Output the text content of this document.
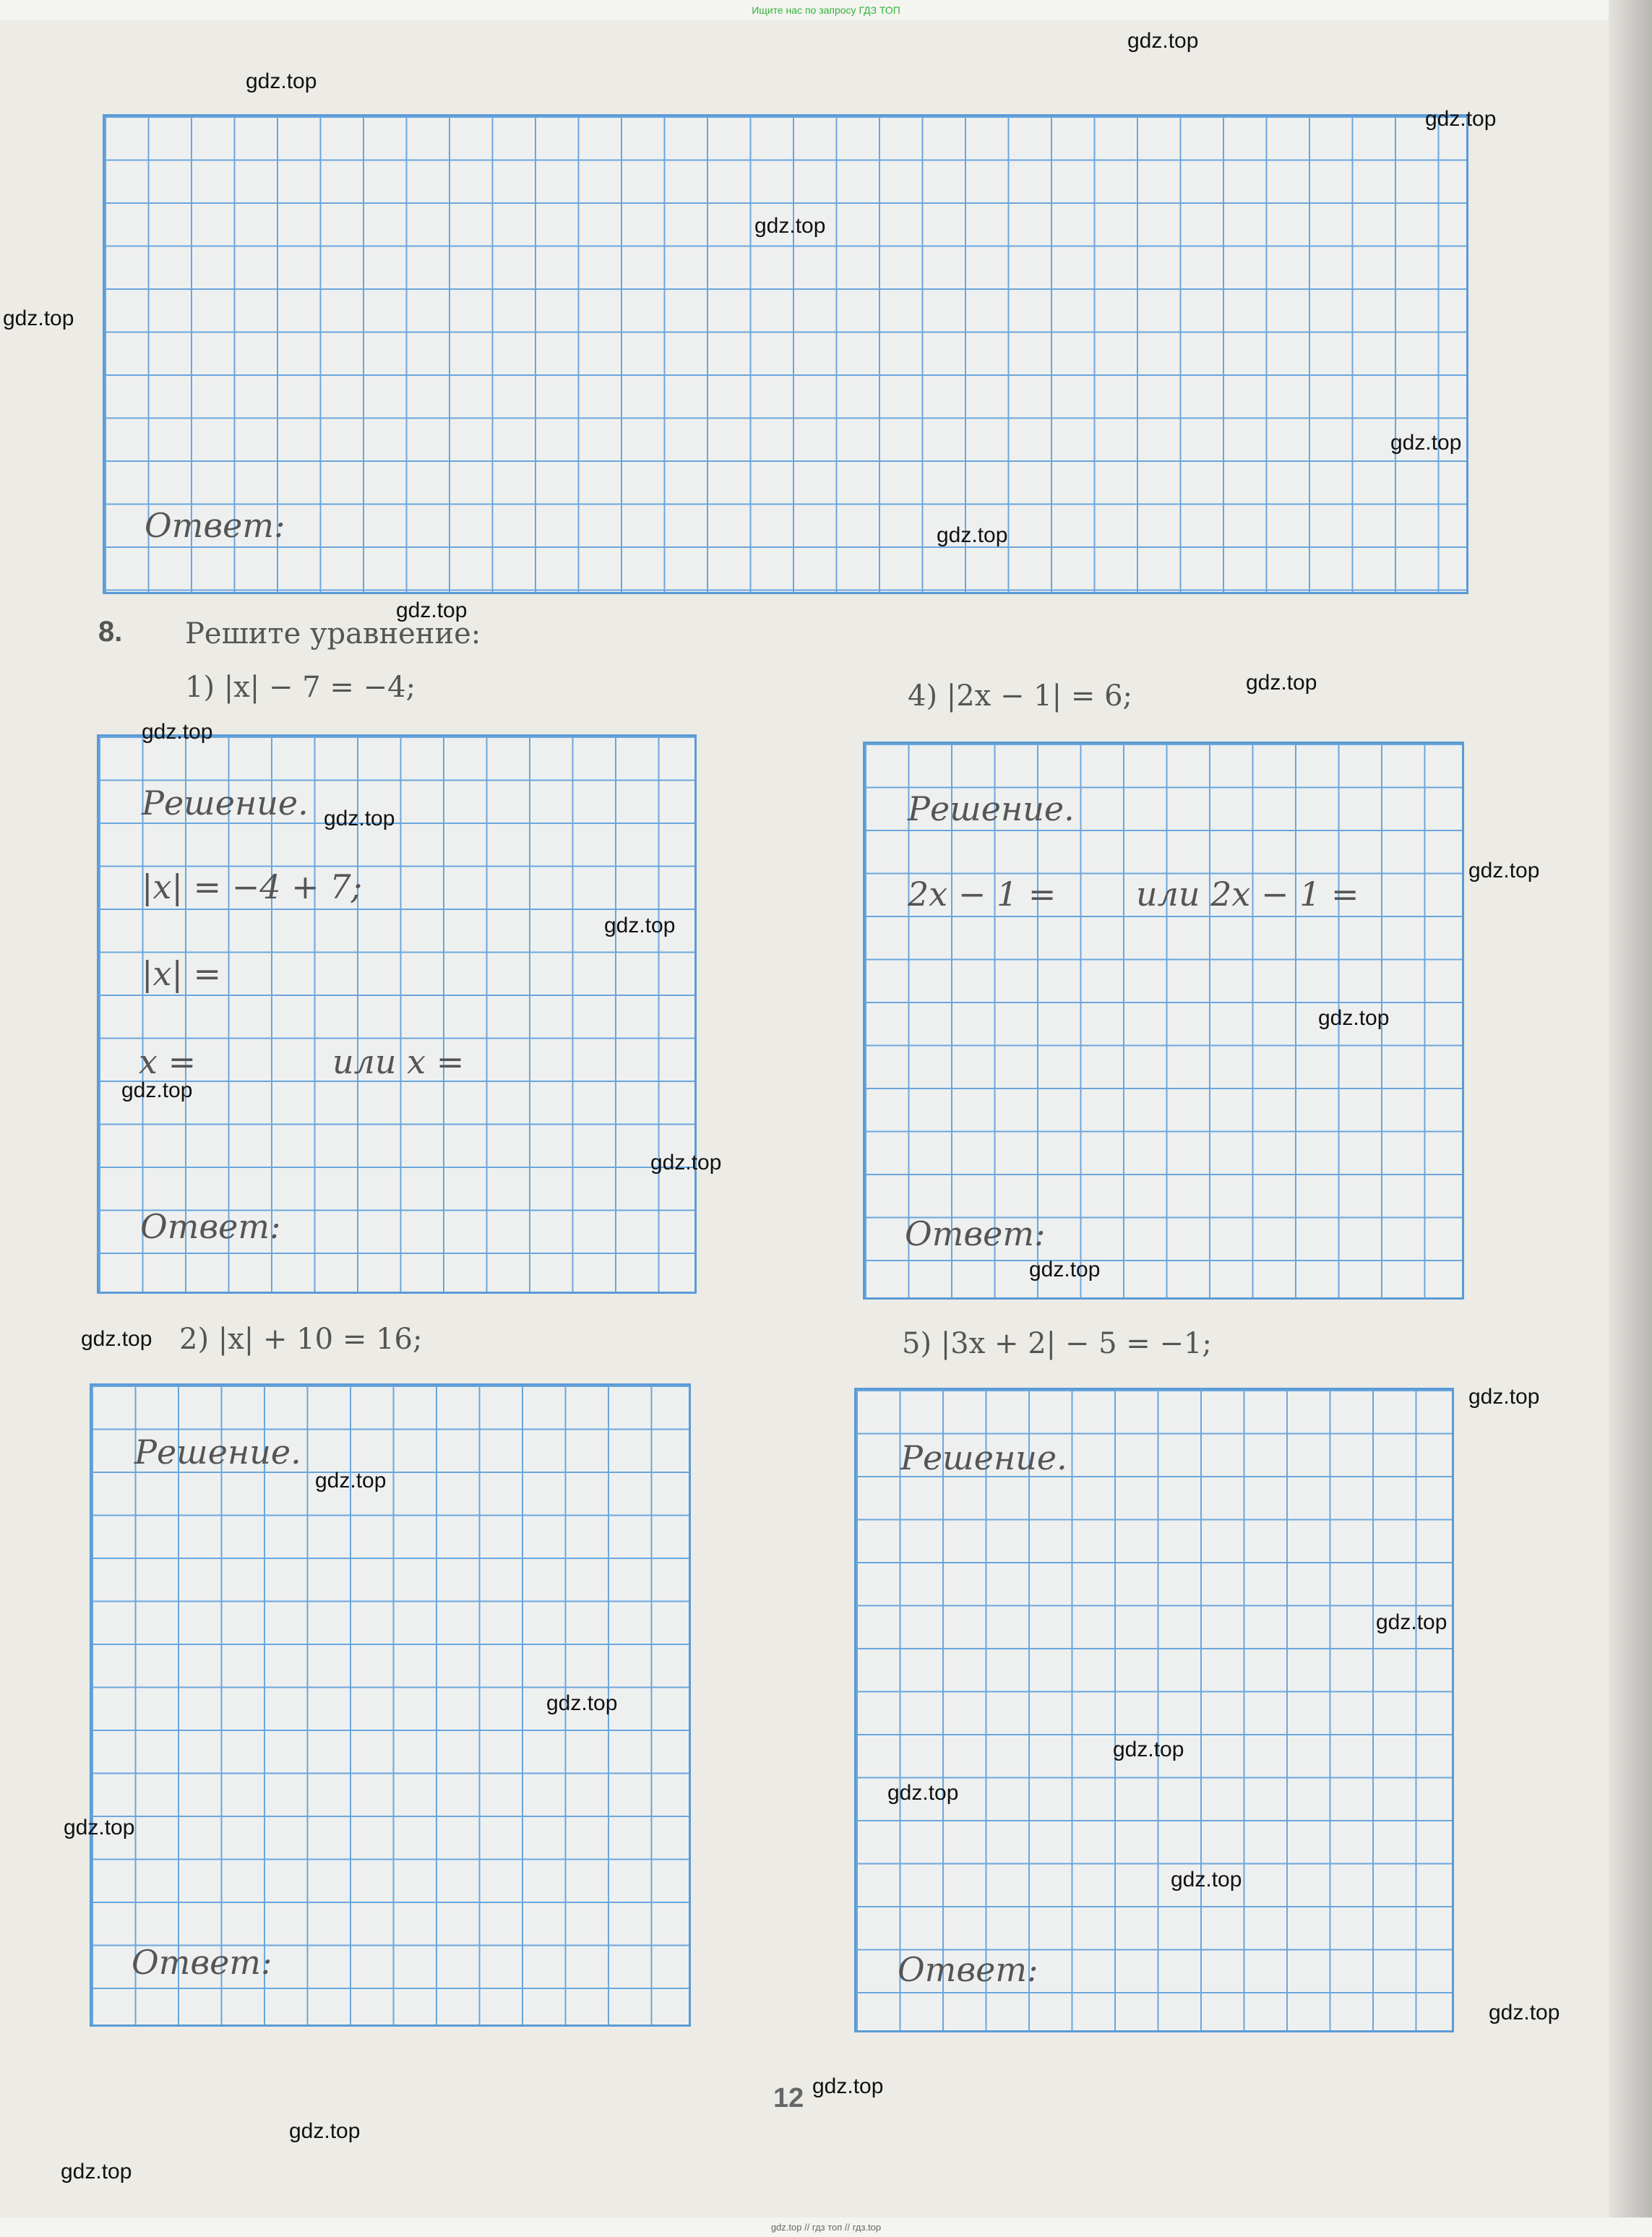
Ищите нас по запросу ГДЗ ТОП
Ответ:
8. Решите уравнение:
1) |x| − 7 = −4;
Решение.
|x| = −4 + 7;
|x| =
x =	или x =
Ответ:
4) |2x − 1| = 6;
Решение.
2x − 1 = или 2x − 1 =
Ответ:
2) |x| + 10 = 16;
Решение.
Ответ:
5) |3x + 2| − 5 = −1;
Решение.
Ответ:
12
gdz.top
gdz.top
gdz.top
gdz.top
gdz.top
gdz.top
gdz.top
gdz.top
gdz.top
gdz.top
gdz.top
gdz.top
gdz.top
gdz.top
gdz.top
gdz.top
gdz.top
gdz.top
gdz.top
gdz.top
gdz.top
gdz.top
gdz.top
gdz.top
gdz.top
gdz.top
gdz.top
gdz.top
gdz.top
gdz.top
gdz.top // гдз топ // гдз.top
